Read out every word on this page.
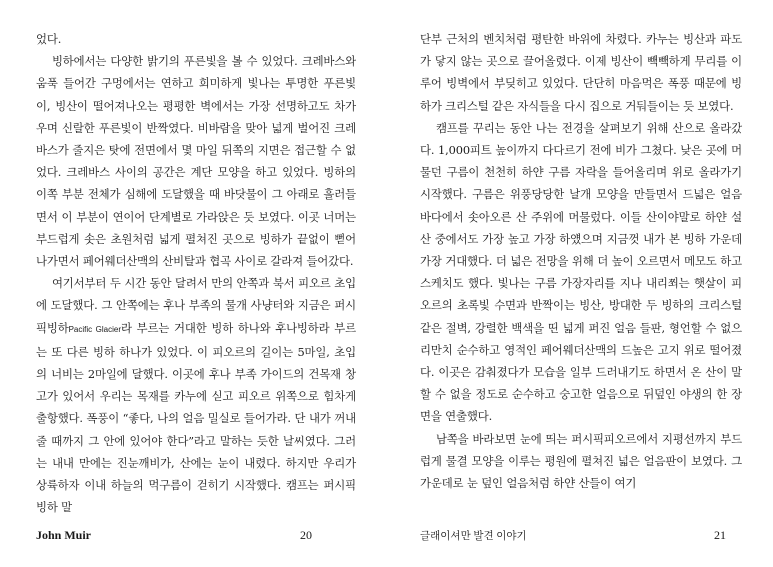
었다.

빙하에서는 다양한 밝기의 푸른빛을 볼 수 있었다. 크레바스와 움푹 들어간 구멍에서는 연하고 희미하게 빛나는 투명한 푸른빛이, 빙산이 떨어져나오는 평평한 벽에서는 가장 선명하고도 차가우며 신랄한 푸른빛이 반짝였다. 비바람을 맞아 넓게 벌어진 크레바스가 줄지은 탓에 전면에서 몇 마일 뒤쪽의 지면은 접근할 수 없었다. 크레바스 사이의 공간은 계단 모양을 하고 있었다. 빙하의 이쪽 부분 전체가 심해에 도달했을 때 바닷물이 그 아래로 흘러들면서 이 부분이 연이어 단계별로 가라앉은 듯 보였다. 이곳 너머는 부드럽게 솟은 초원처럼 넓게 펼쳐진 곳으로 빙하가 끝없이 뻗어나가면서 페어웨더산맥의 산비탈과 협곡 사이로 갈라져 들어갔다.

여기서부터 두 시간 동안 달려서 만의 안쪽과 북서 피오르 초입에 도달했다. 그 안쪽에는 후나 부족의 물개 사냥터와 지금은 퍼시픽빙하Pacific Glacier라 부르는 거대한 빙하 하나와 후나빙하라 부르는 또 다른 빙하 하나가 있었다. 이 피오르의 길이는 5마일, 초입의 너비는 2마일에 달했다. 이곳에 후나 부족 가이드의 건목재 창고가 있어서 우리는 목재를 카누에 싣고 피오르 위쪽으로 힘차게 출항했다. 폭풍이 “좋다, 나의 얼음 밀실로 들어가라. 단 내가 꺼내줄 때까지 그 안에 있어야 한다”라고 말하는 듯한 날씨였다. 그러는 내내 만에는 진눈깨비가, 산에는 눈이 내렸다. 하지만 우리가 상륙하자 이내 하늘의 먹구름이 걷히기 시작했다. 캠프는 퍼시픽빙하 말

John Muir	20

단부 근처의 벤치처럼 평탄한 바위에 차렸다. 카누는 빙산과 파도가 닿지 않는 곳으로 끌어올렸다. 이제 빙산이 빽빽하게 무리를 이루어 빙벽에서 부딪히고 있었다. 단단히 마음먹은 폭풍 때문에 빙하가 크리스털 같은 자식들을 다시 집으로 거둬들이는 듯 보였다.

캠프를 꾸리는 동안 나는 전경을 살펴보기 위해 산으로 올라갔다. 1,000피트 높이까지 다다르기 전에 비가 그쳤다. 낮은 곳에 머물던 구름이 천천히 하얀 구름 자락을 들어올리며 위로 올라가기 시작했다. 구름은 위풍당당한 날개 모양을 만들면서 드넓은 얼음 바다에서 솟아오른 산 주위에 머물렀다. 이들 산이야말로 하얀 설산 중에서도 가장 높고 가장 하얬으며 지금껏 내가 본 빙하 가운데 가장 거대했다. 더 넓은 전망을 위해 더 높이 오르면서 메모도 하고 스케치도 했다. 빛나는 구름 가장자리를 지나 내리쬐는 햇살이 피오르의 초록빛 수면과 반짝이는 빙산, 방대한 두 빙하의 크리스털 같은 절벽, 강렬한 백색을 띤 넓게 퍼진 얼음 들판, 형언할 수 없으리만치 순수하고 영적인 페어웨더산맥의 드높은 고지 위로 떨어졌다. 이곳은 감춰졌다가 모습을 일부 드러내기도 하면서 온 산이 말할 수 없을 정도로 순수하고 숭고한 얼음으로 뒤덮인 야생의 한 장면을 연출했다.

남쪽을 바라보면 눈에 띄는 퍼시픽피오르에서 지평선까지 부드럽게 물결 모양을 이루는 평원에 펼쳐진 넓은 얼음판이 보였다. 그 가운데로 눈 덮인 얼음처럼 하얀 산들이 여기

글래이셔만 발견 이야기	21
